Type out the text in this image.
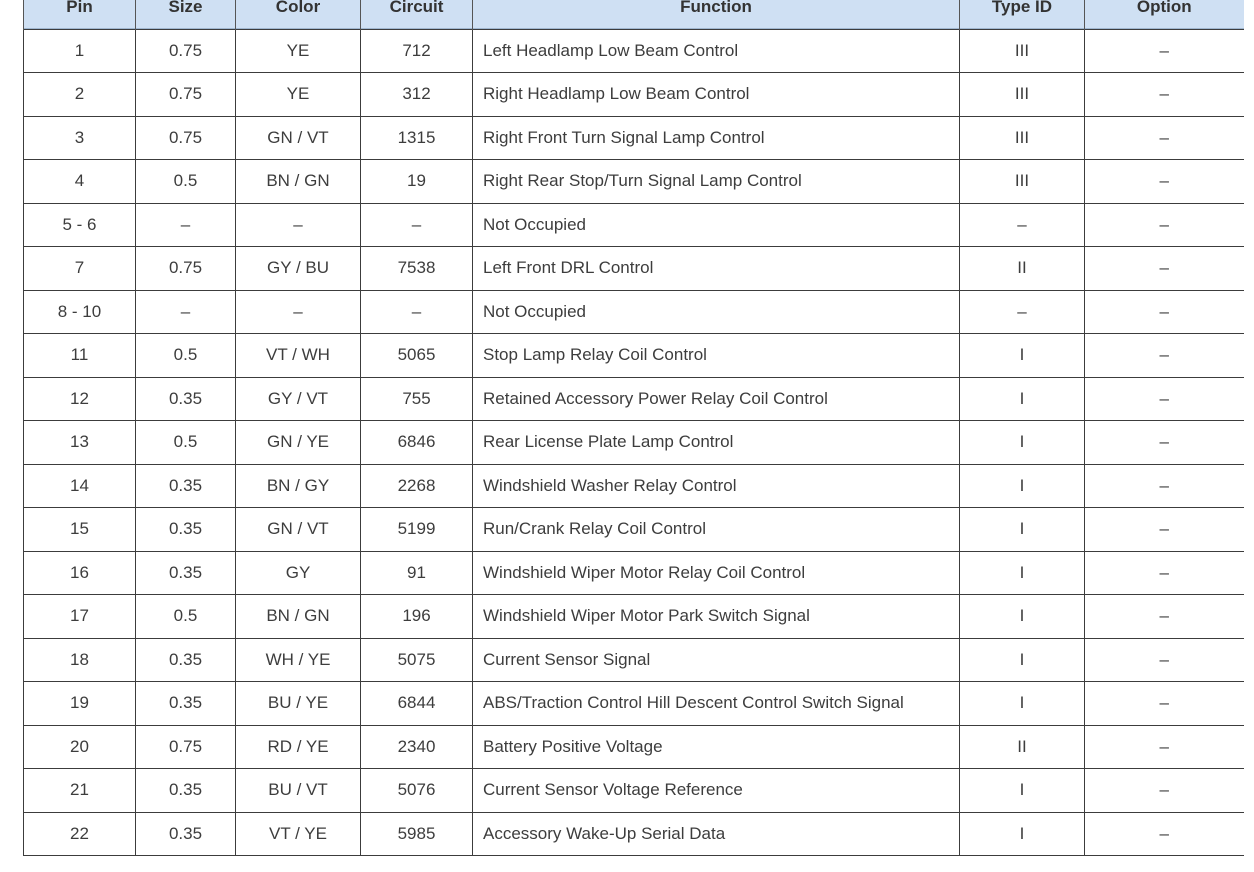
Pin	Size	Color	Circuit	Function	Type ID	Option
1	0.75	YE	712	Left Headlamp Low Beam Control	III	–
2	0.75	YE	312	Right Headlamp Low Beam Control	III	–
3	0.75	GN / VT	1315	Right Front Turn Signal Lamp Control	III	–
4	0.5	BN / GN	19	Right Rear Stop/Turn Signal Lamp Control	III	–
5 - 6	–	–	–	Not Occupied	–	–
7	0.75	GY / BU	7538	Left Front DRL Control	II	–
8 - 10	–	–	–	Not Occupied	–	–
11	0.5	VT / WH	5065	Stop Lamp Relay Coil Control	I	–
12	0.35	GY / VT	755	Retained Accessory Power Relay Coil Control	I	–
13	0.5	GN / YE	6846	Rear License Plate Lamp Control	I	–
14	0.35	BN / GY	2268	Windshield Washer Relay Control	I	–
15	0.35	GN / VT	5199	Run/Crank Relay Coil Control	I	–
16	0.35	GY	91	Windshield Wiper Motor Relay Coil Control	I	–
17	0.5	BN / GN	196	Windshield Wiper Motor Park Switch Signal	I	–
18	0.35	WH / YE	5075	Current Sensor Signal	I	–
19	0.35	BU / YE	6844	ABS/Traction Control Hill Descent Control Switch Signal	I	–
20	0.75	RD / YE	2340	Battery Positive Voltage	II	–
21	0.35	BU / VT	5076	Current Sensor Voltage Reference	I	–
22	0.35	VT / YE	5985	Accessory Wake-Up Serial Data	I	–
